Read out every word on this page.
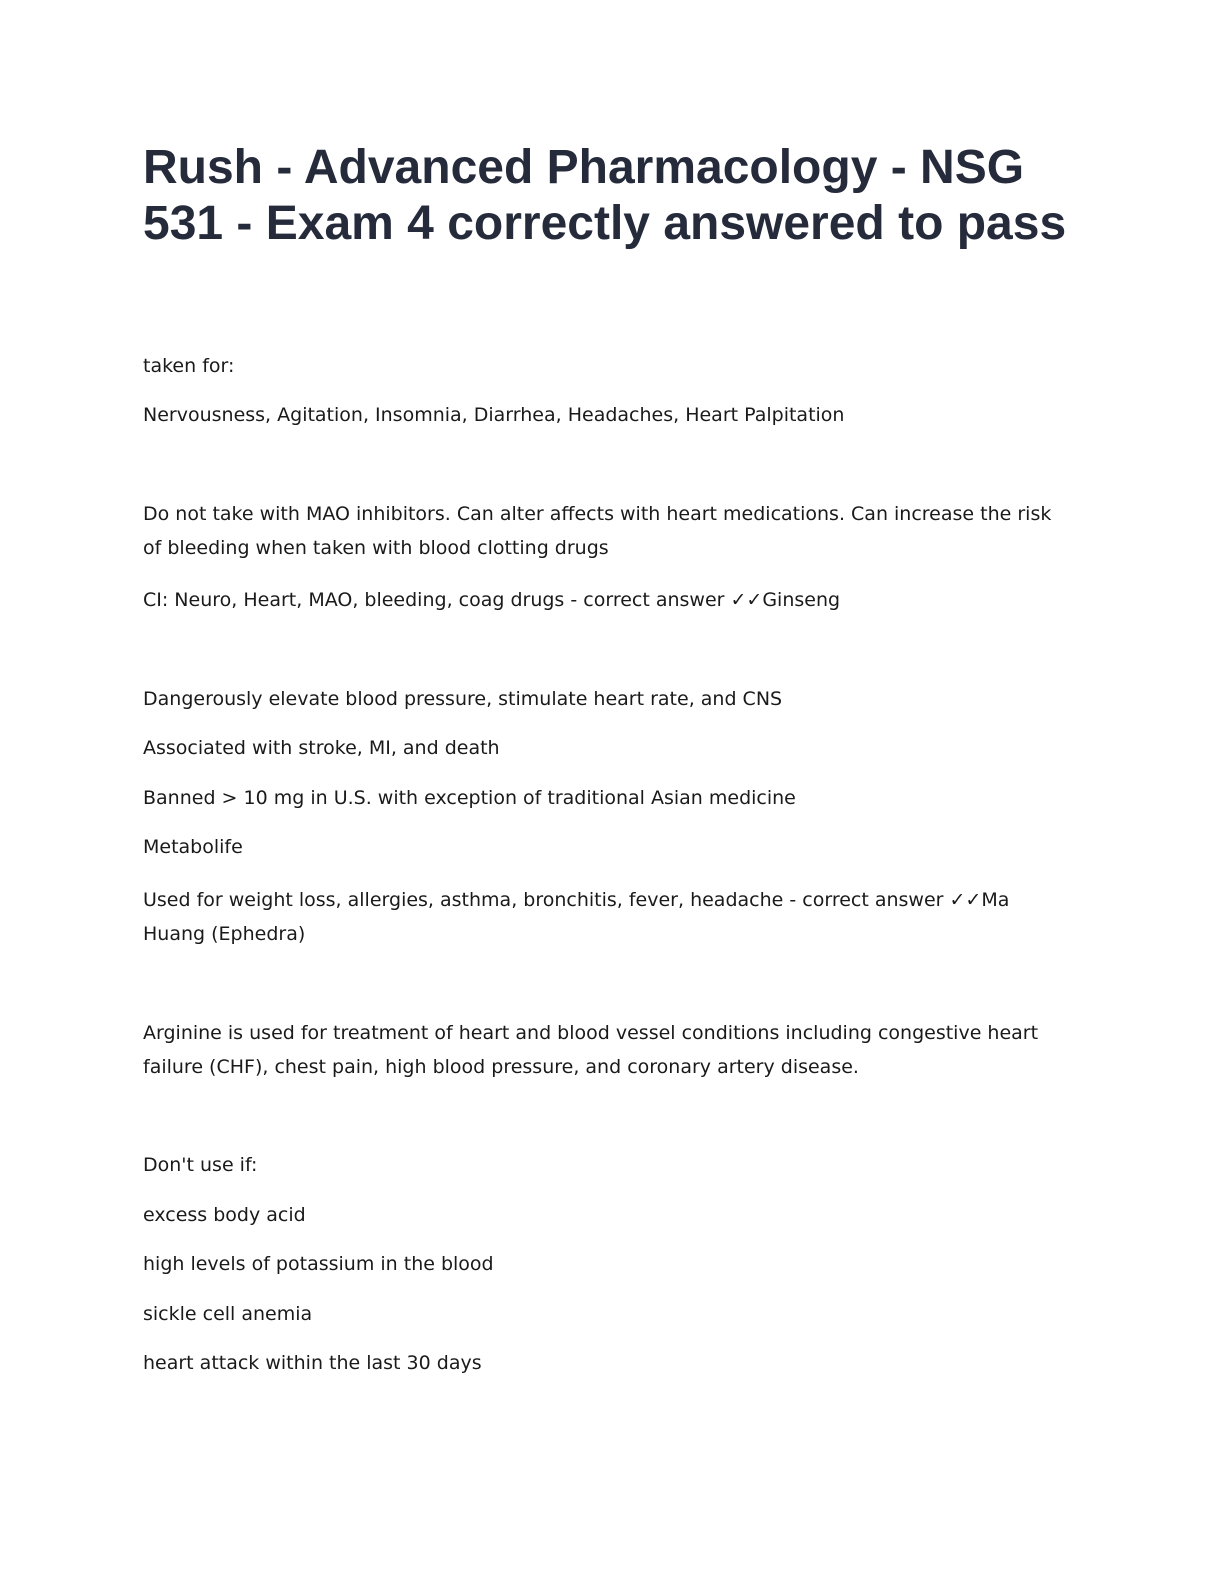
Rush - Advanced Pharmacology - NSG
531 - Exam 4 correctly answered to pass

taken for:

Nervousness, Agitation, Insomnia, Diarrhea, Headaches, Heart Palpitation

Do not take with MAO inhibitors. Can alter affects with heart medications. Can increase the risk of bleeding when taken with blood clotting drugs

CI: Neuro, Heart, MAO, bleeding, coag drugs - correct answer ✓✓Ginseng

Dangerously elevate blood pressure, stimulate heart rate, and CNS

Associated with stroke, MI, and death

Banned > 10 mg in U.S. with exception of traditional Asian medicine

Metabolife

Used for weight loss, allergies, asthma, bronchitis, fever, headache - correct answer ✓✓Ma Huang (Ephedra)

Arginine is used for treatment of heart and blood vessel conditions including congestive heart failure (CHF), chest pain, high blood pressure, and coronary artery disease.

Don't use if:

excess body acid

high levels of potassium in the blood

sickle cell anemia

heart attack within the last 30 days
